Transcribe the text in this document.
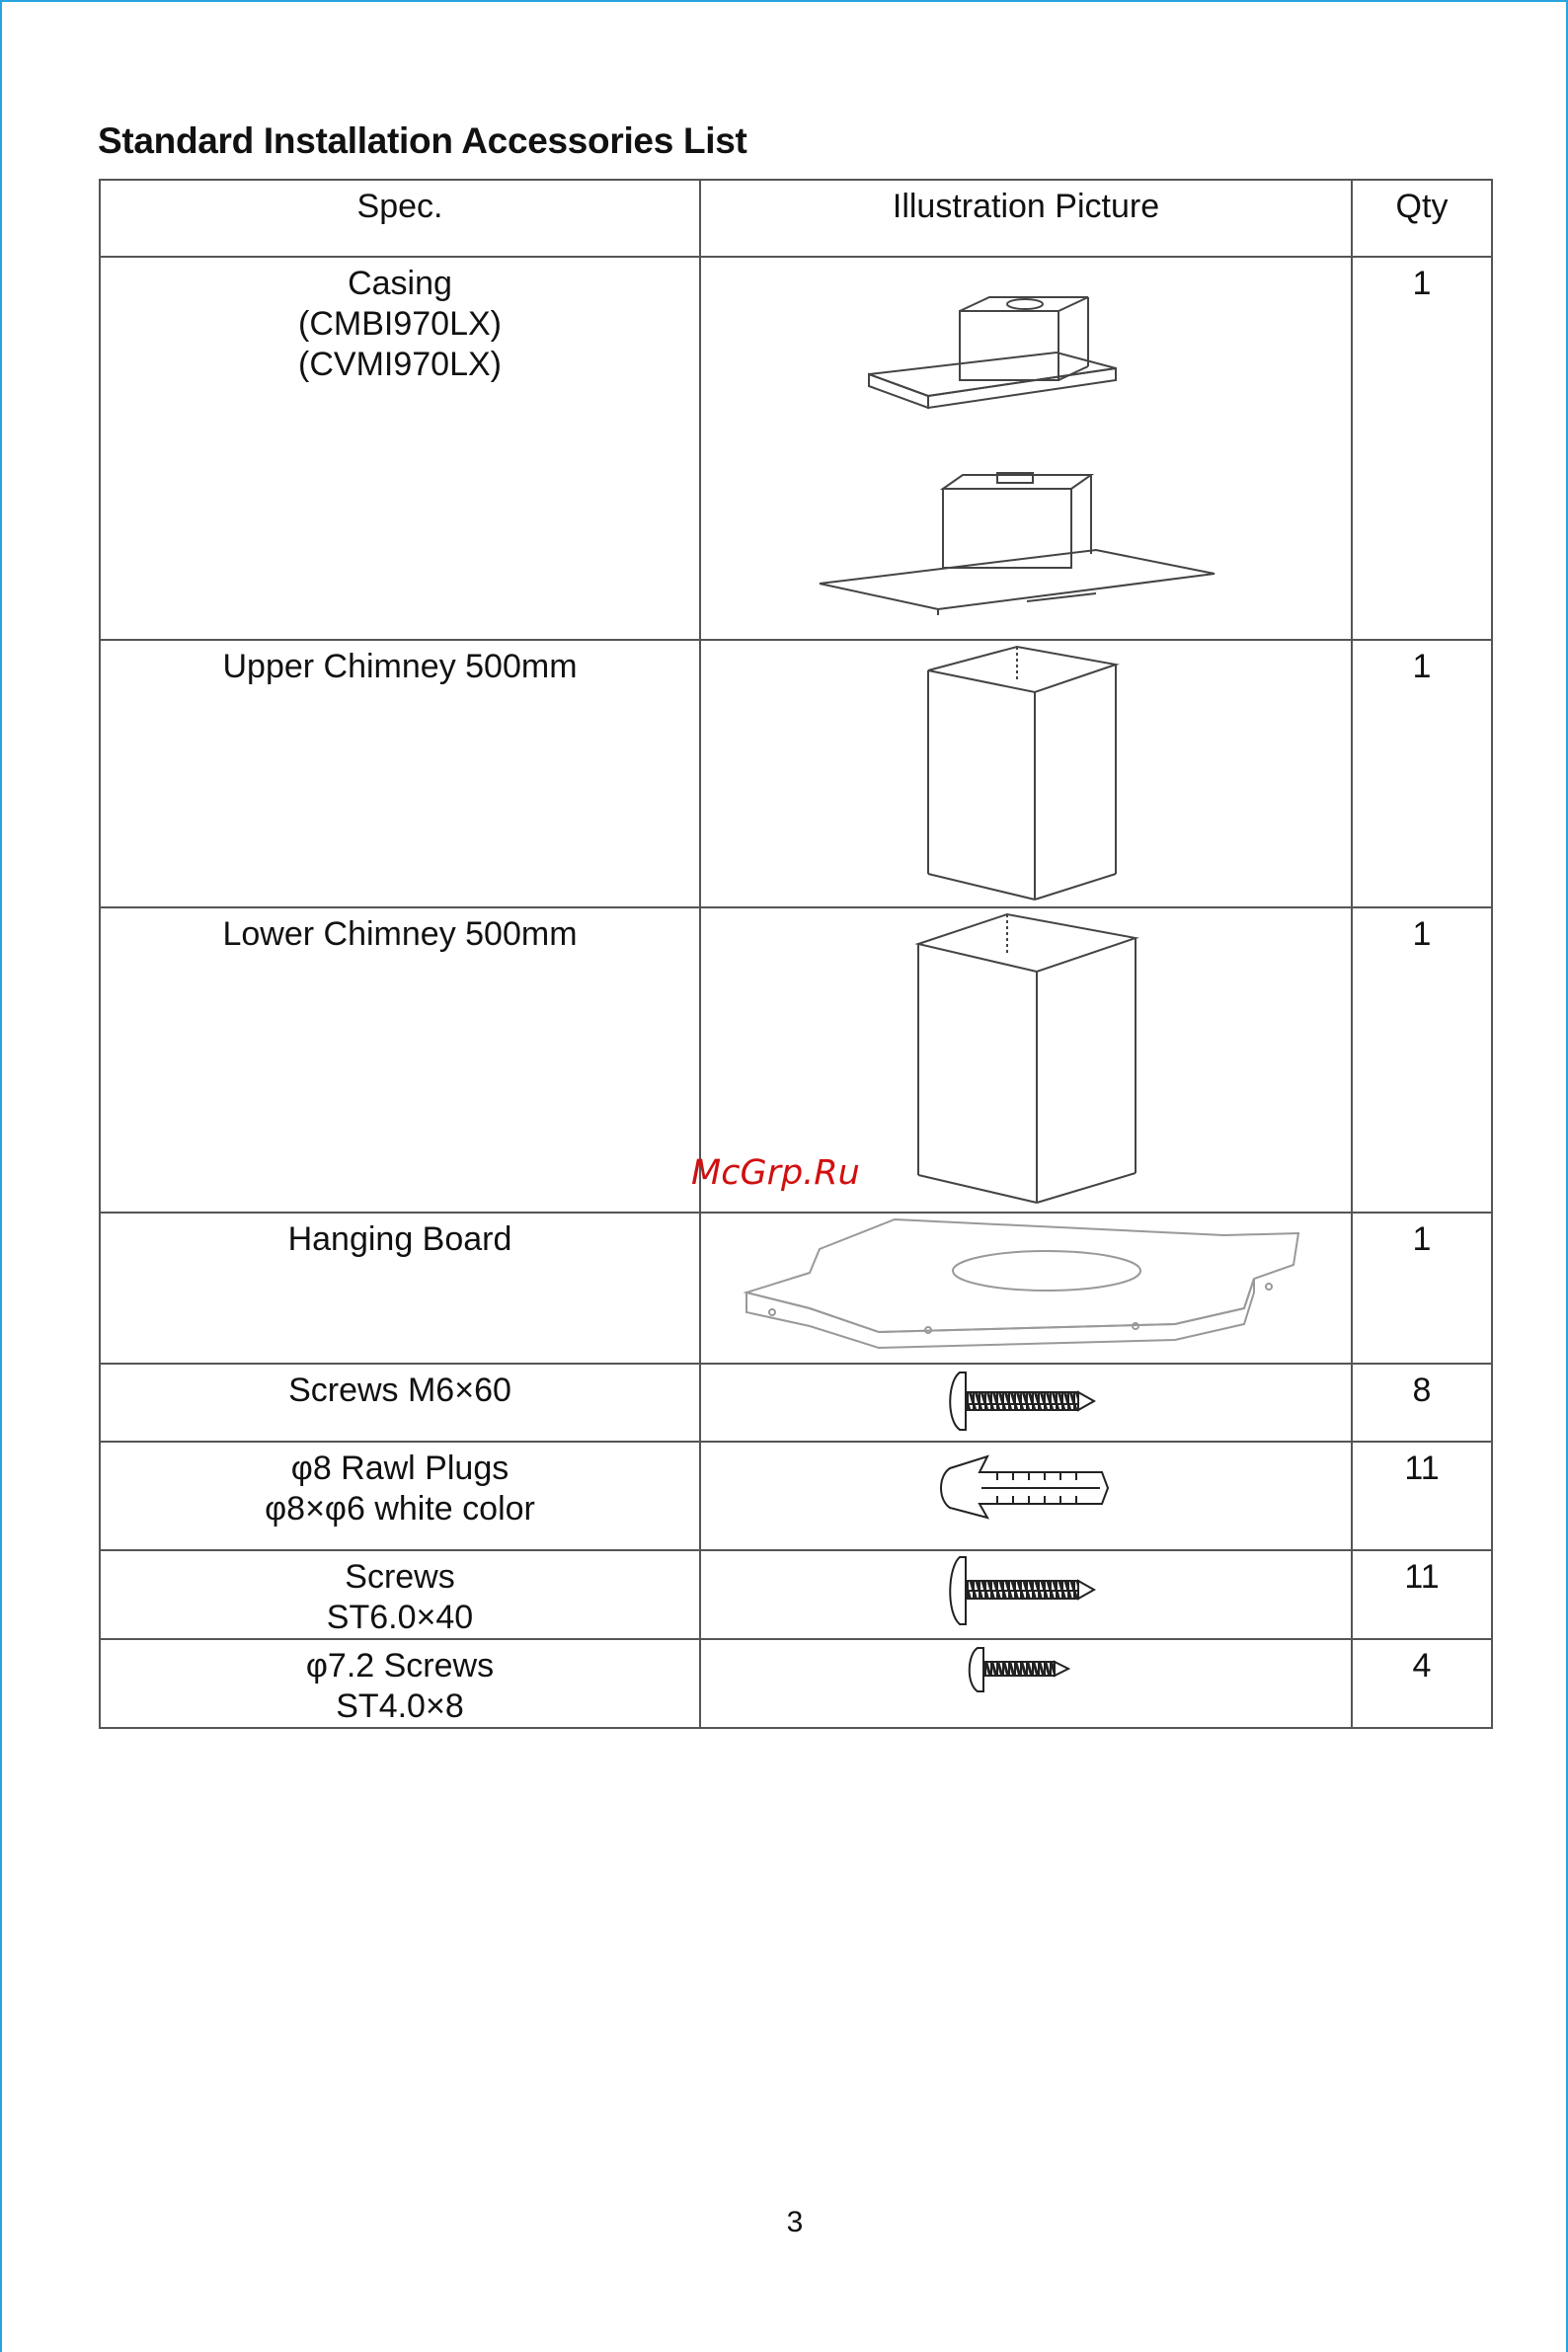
Standard Installation Accessories List
Spec.	Illustration Picture	Qty

Casing
(CMBI970LX)
(CVMI970LX)		1

Upper Chimney 500mm		1

Lower Chimney 500mm		1

Hanging Board		1

Screws M6×60		8

φ8 Rawl Plugs
φ8×φ6 white color		11

Screws
ST6.0×40		11

φ7.2 Screws
ST4.0×8		4
McGrp.Ru
3
